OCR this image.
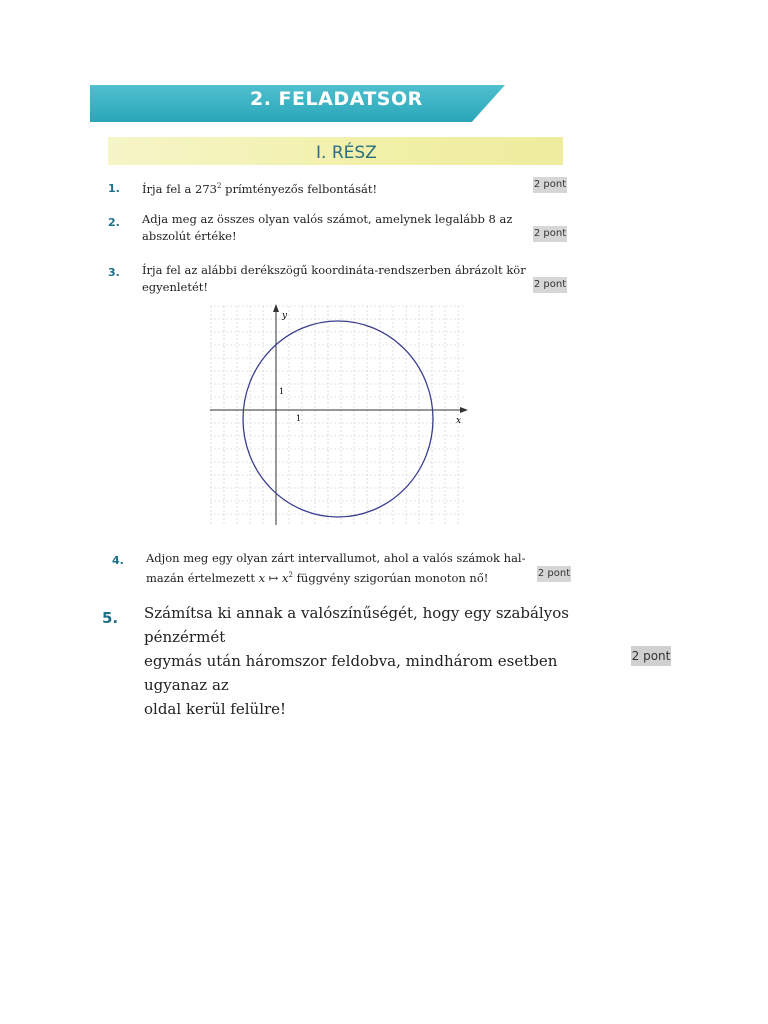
2. FELADATSOR
I. RÉSZ
1. Írja fel a $273^2$ prímtényezős felbontását!	2 pont
2. Adja meg az összes olyan valós számot, amelynek legalább 8 az
abszolút értéke!	2 pont
3. Írja fel az alábbi derékszögű koordináta-rendszerben ábrázolt kör
egyenletét!	2 pont
x
y
1
1
4. Adjon meg egy olyan zárt intervallumot, ahol a valós számok hal-
mazán értelmezett x ↦ $x^2$ függvény szigorúan monoton nő!	2 pont
5. Számítsa ki annak a valószínűségét, hogy egy szabályos pénzérmét
egymás után háromszor feldobva, mindhárom esetben ugyanaz az
oldal kerül felülre!
2 pont
